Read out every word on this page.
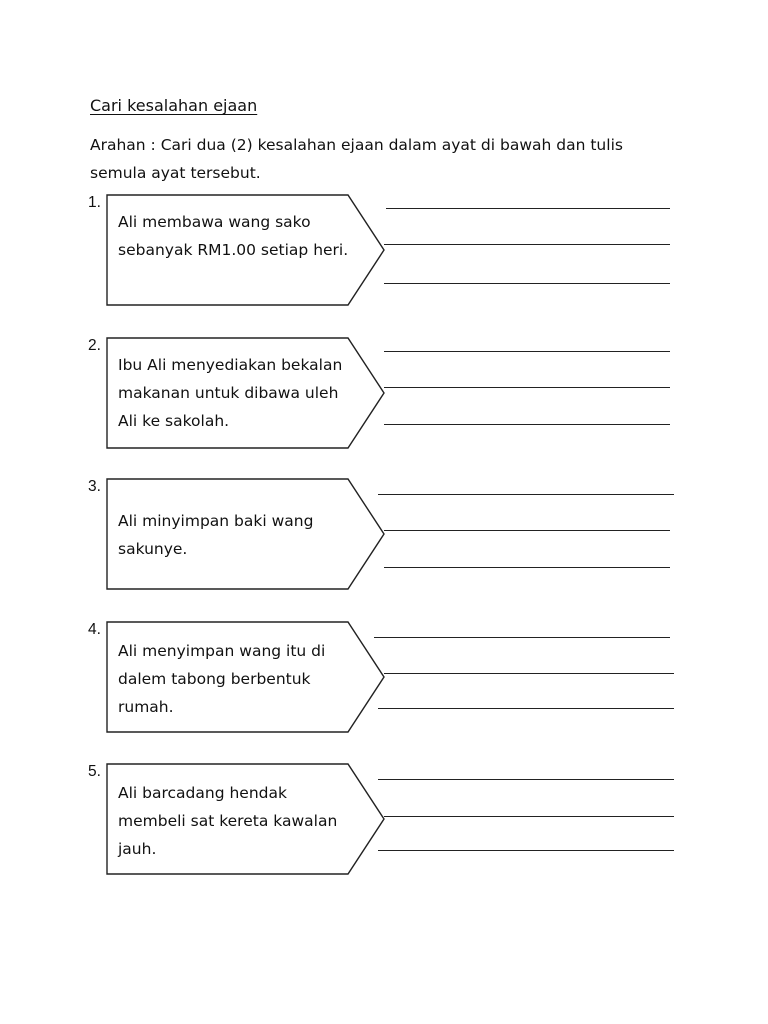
Cari kesalahan ejaan
Arahan : Cari dua (2) kesalahan ejaan dalam ayat di bawah dan tulis semula ayat tersebut.
1.
Ali membawa wang sako sebanyak RM1.00 setiap heri.
2.
Ibu Ali menyediakan bekalan makanan untuk dibawa uleh Ali ke sakolah.
3.
Ali minyimpan baki wang sakunye.
4.
Ali menyimpan wang itu di dalem tabong berbentuk rumah.
5.
Ali barcadang hendak membeli sat kereta kawalan jauh.
